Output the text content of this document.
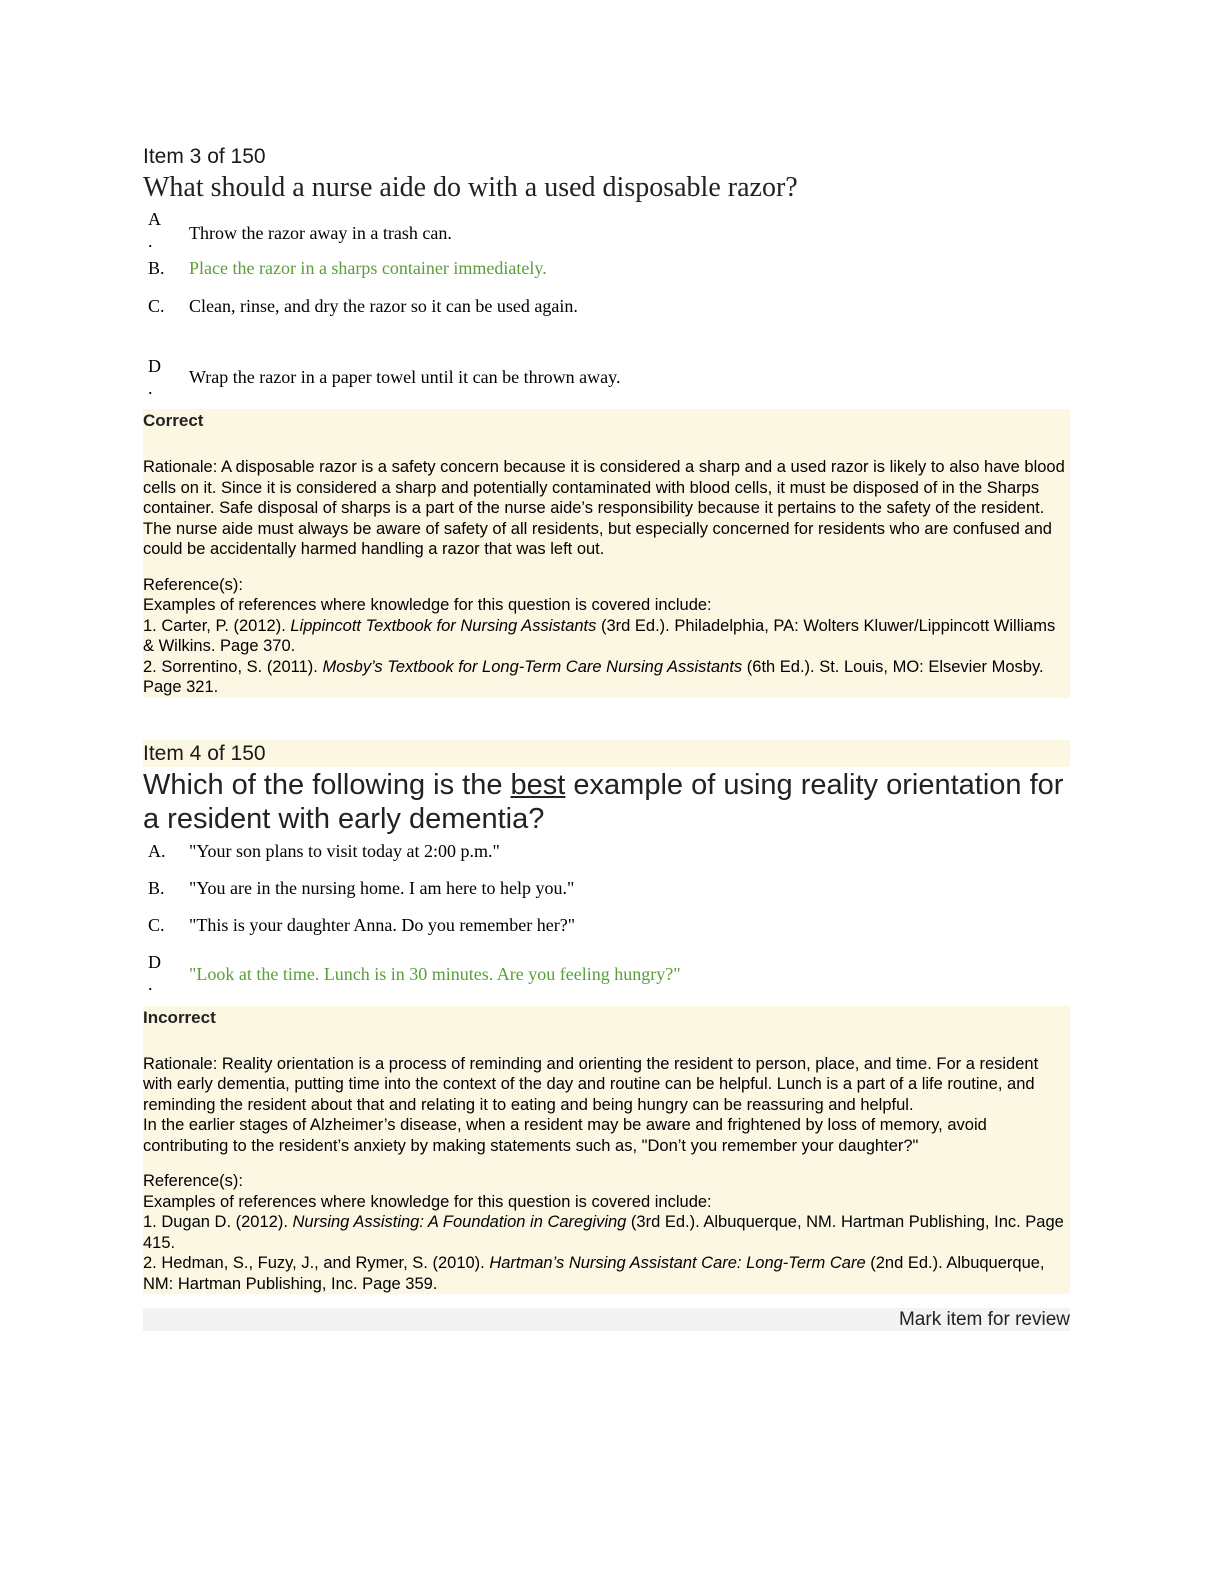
Item 3 of 150
What should a nurse aide do with a used disposable razor?
A
.	Throw the razor away in a trash can.
B.	Place the razor in a sharps container immediately.
C.	Clean, rinse, and dry the razor so it can be used again.
D
.
Wrap the razor in a paper towel until it can be thrown away.
Correct

Rationale: A disposable razor is a safety concern because it is considered a sharp and a used razor is likely to also have blood cells on it. Since it is considered a sharp and potentially contaminated with blood cells, it must be disposed of in the Sharps container. Safe disposal of sharps is a part of the nurse aide’s responsibility because it pertains to the safety of the resident.

The nurse aide must always be aware of safety of all residents, but especially concerned for residents who are confused and could be accidentally harmed handling a razor that was left out.

Reference(s):

Examples of references where knowledge for this question is covered include:

1. Carter, P. (2012). Lippincott Textbook for Nursing Assistants (3rd Ed.). Philadelphia, PA: Wolters Kluwer/Lippincott Williams & Wilkins. Page 370.

2. Sorrentino, S. (2011). Mosby’s Textbook for Long-Term Care Nursing Assistants (6th Ed.). St. Louis, MO: Elsevier Mosby. Page 321.

Item 4 of 150
Which of the following is the best example of using reality orientation for a resident with early dementia?
A.	"Your son plans to visit today at 2:00 p.m."
B.	"You are in the nursing home. I am here to help you."
C.	"This is your daughter Anna. Do you remember her?"
D
.	"Look at the time. Lunch is in 30 minutes. Are you feeling hungry?"
Incorrect

Rationale: Reality orientation is a process of reminding and orienting the resident to person, place, and time. For a resident with early dementia, putting time into the context of the day and routine can be helpful. Lunch is a part of a life routine, and reminding the resident about that and relating it to eating and being hungry can be reassuring and helpful.

In the earlier stages of Alzheimer’s disease, when a resident may be aware and frightened by loss of memory, avoid contributing to the resident’s anxiety by making statements such as, "Don’t you remember your daughter?"

Reference(s):

Examples of references where knowledge for this question is covered include:

1. Dugan D. (2012). Nursing Assisting: A Foundation in Caregiving (3rd Ed.). Albuquerque, NM. Hartman Publishing, Inc. Page 415.

2. Hedman, S., Fuzy, J., and Rymer, S. (2010). Hartman’s Nursing Assistant Care: Long-Term Care (2nd Ed.). Albuquerque, NM: Hartman Publishing, Inc. Page 359.

Mark item for review
